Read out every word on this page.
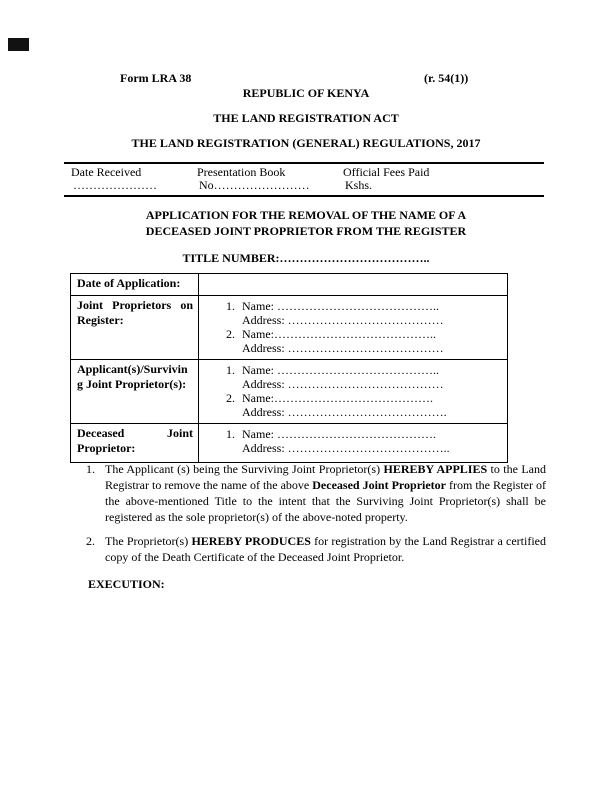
Form LRA 38	(r. 54(1))
REPUBLIC OF KENYA
THE LAND REGISTRATION ACT
THE LAND REGISTRATION (GENERAL) REGULATIONS, 2017
Date Received
…………………
Presentation Book
No……………………
Official Fees Paid
Kshs.
APPLICATION FOR THE REMOVAL OF THE NAME OF A
DECEASED JOINT PROPRIETOR FROM THE REGISTER
TITLE NUMBER:………………………………..
Date of Application:
Joint Proprietors on
Register:
1. Name: …………………………………..
Address: …………………………………
2. Name:…………………………………..
Address: …………………………………
Applicant(s)/Survivin
g Joint Proprietor(s):
1. Name: …………………………………..
Address: …………………………………
2. Name:………………………………….
Address: ………………………………….
Deceased Joint
Proprietor:
1. Name: ………………………………….
Address: …………………………………..
1. The Applicant (s) being the Surviving Joint Proprietor(s) HEREBY APPLIES to the Land Registrar to remove the name of the above Deceased Joint Proprietor from the Register of the above-mentioned Title to the intent that the Surviving Joint Proprietor(s) shall be registered as the sole proprietor(s) of the above-noted property.
2. The Proprietor(s) HEREBY PRODUCES for registration by the Land Registrar a certified copy of the Death Certificate of the Deceased Joint Proprietor.
EXECUTION:
